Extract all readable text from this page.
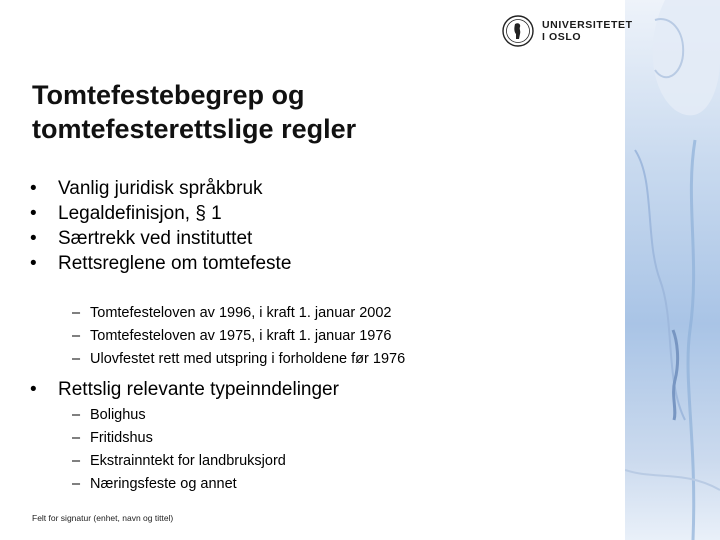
UNIVERSITETET
I OSLO
Tomtefestebegrep og
tomtefesterettslige regler
• Vanlig juridisk språkbruk
• Legaldefinisjon, § 1
• Særtrekk ved instituttet
• Rettsreglene om tomtefeste
– Tomtefesteloven av 1996, i kraft 1. januar 2002
– Tomtefesteloven av 1975, i kraft 1. januar 1976
– Ulovfestet rett med utspring i forholdene før 1976
• Rettslig relevante typeinndelinger
– Bolighus
– Fritidshus
– Ekstrainntekt for landbruksjord
– Næringsfeste og annet
Felt for signatur (enhet, navn og tittel)
